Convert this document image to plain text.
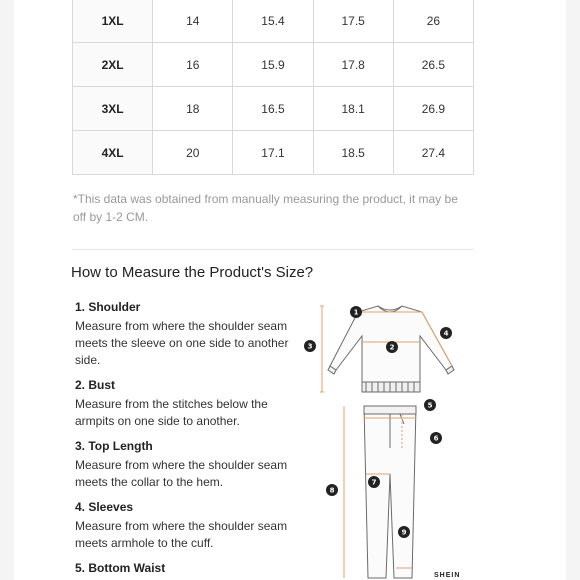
1XL	14	15.4	17.5	26
2XL	16	15.9	17.8	26.5
3XL	18	16.5	18.1	26.9
4XL	20	17.1	18.5	27.4
*This data was obtained from manually measuring the product, it may be off by 1-2 CM.
How to Measure the Product's Size?
1. Shoulder
Measure from where the shoulder seam meets the sleeve on one side to another side.
2. Bust
Measure from the stitches below the armpits on one side to another.
3. Top Length
Measure from where the shoulder seam meets the collar to the hem.
4. Sleeves
Measure from where the shoulder seam meets armhole to the cuff.
5. Bottom Waist
1
2
3
4
5
6
7
8
9
SHEIN
